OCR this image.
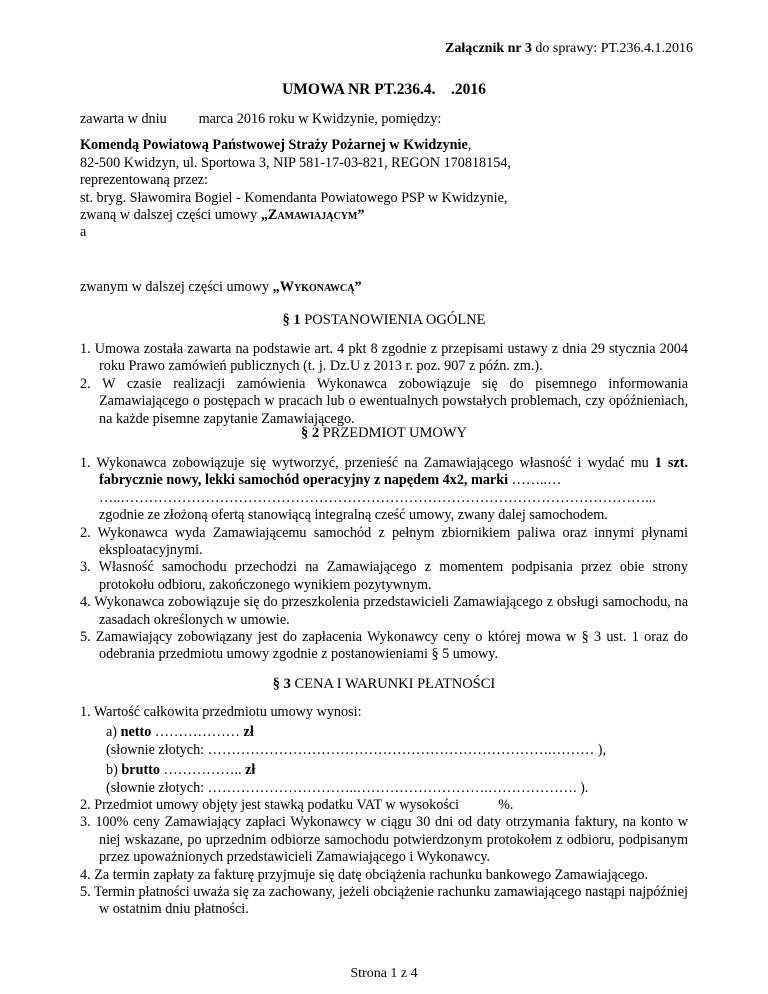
Załącznik nr 3 do sprawy: PT.236.4.1.2016
UMOWA NR PT.236.4.    .2016
zawarta w dniu         marca 2016 roku w Kwidzynie, pomiędzy:
Komendą Powiatową Państwowej Straży Pożarnej w Kwidzynie,
82-500 Kwidzyn, ul. Sportowa 3, NIP 581-17-03-821, REGON 170818154,
reprezentowaną przez:
st. bryg. Sławomira Bogiel - Komendanta Powiatowego PSP w Kwidzynie,
zwaną w dalszej części umowy „Zamawiającym”
a
zwanym w dalszej części umowy „Wykonawcą”
§ 1 POSTANOWIENIA OGÓLNE
1. Umowa została zawarta na podstawie art. 4 pkt 8 zgodnie z przepisami ustawy z dnia 29 stycznia 2004 roku Prawo zamówień publicznych (t. j. Dz.U z 2013 r. poz. 907 z późn. zm.).
2. W czasie realizacji zamówienia Wykonawca zobowiązuje się do pisemnego informowania Zamawiającego o postępach w pracach lub o ewentualnych powstałych problemach, czy opóźnieniach, na każde pisemne zapytanie Zamawiającego.
§ 2 PRZEDMIOT UMOWY
1. Wykonawca zobowiązuje się wytworzyć, przenieść na Zamawiającego własność i wydać mu 1 szt. fabrycznie nowy, lekki samochód operacyjny z napędem 4x2, marki ……..…
…..…………………………………………………………………………………………………...
zgodnie ze złożoną ofertą stanowiącą integralną cześć umowy, zwany dalej samochodem.
2. Wykonawca wyda Zamawiającemu samochód z pełnym zbiornikiem paliwa oraz innymi płynami eksploatacyjnymi.
3. Własność samochodu przechodzi na Zamawiającego z momentem podpisania przez obie strony protokołu odbioru, zakończonego wynikiem pozytywnym.
4. Wykonawca zobowiązuje się do przeszkolenia przedstawicieli Zamawiającego z obsługi samochodu, na zasadach określonych w umowie.
5. Zamawiający zobowiązany jest do zapłacenia Wykonawcy ceny o której mowa w § 3 ust. 1 oraz do odebrania przedmiotu umowy zgodnie z postanowieniami § 5 umowy.
§ 3 CENA I WARUNKI PŁATNOŚCI
1. Wartość całkowita przedmiotu umowy wynosi:
a) netto ……………… zł
(słownie złotych: ……………………………………………………………….……… ),
b) brutto …………….. zł
(słownie złotych: …………………………..……………………….………………. ).
2. Przedmiot umowy objęty jest stawką podatku VAT w wysokości           %.
3. 100% ceny Zamawiający zapłaci Wykonawcy w ciągu 30 dni od daty otrzymania faktury, na konto w niej wskazane, po uprzednim odbiorze samochodu potwierdzonym protokołem z odbioru, podpisanym przez upoważnionych przedstawicieli Zamawiającego i Wykonawcy.
4. Za termin zapłaty za fakturę przyjmuje się datę obciążenia rachunku bankowego Zamawiającego.
5. Termin płatności uważa się za zachowany, jeżeli obciążenie rachunku zamawiającego nastąpi najpóźniej w ostatnim dniu płatności.
Strona 1 z 4
